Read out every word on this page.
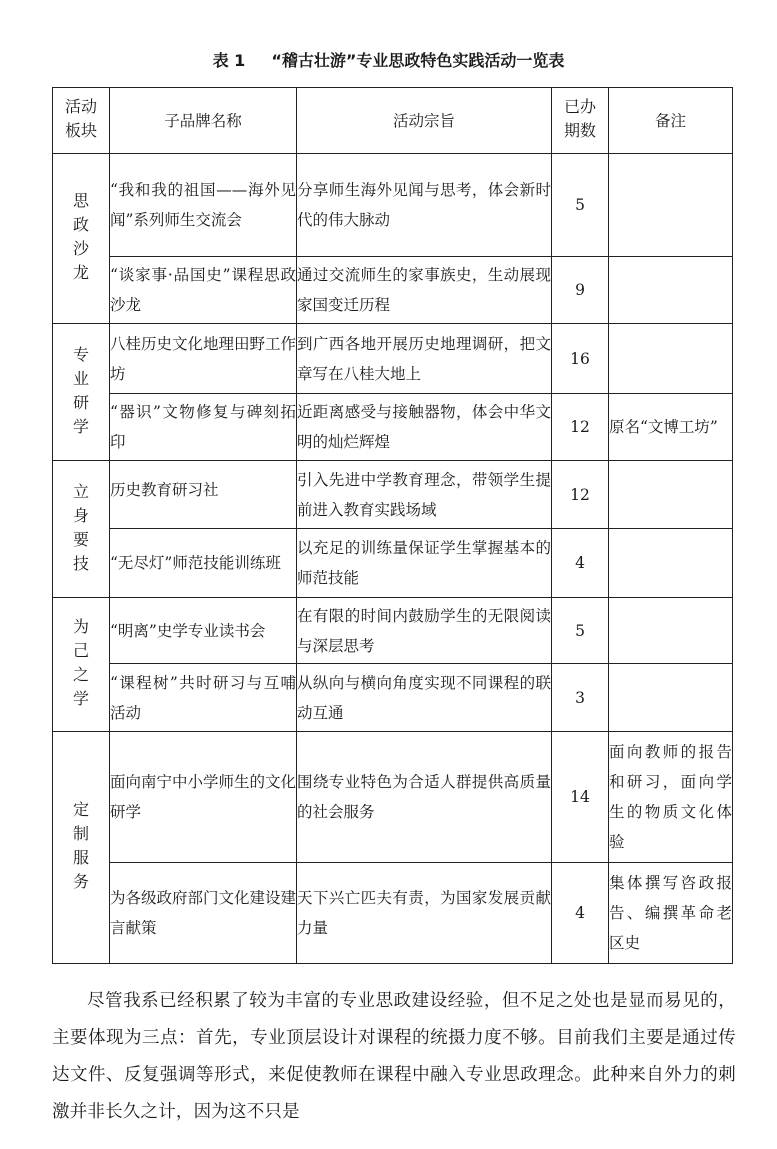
表 1 “稽古壮游”专业思政特色实践活动一览表
活动板块	子品牌名称	活动宗旨	已办期数	备注
思政沙龙	“我和我的祖国——海外见闻”系列师生交流会	分享师生海外见闻与思考，体会新时代的伟大脉动	5	
	“谈家事·品国史”课程思政沙龙	通过交流师生的家事族史，生动展现家国变迁历程	9	
专业研学	八桂历史文化地理田野工作坊	到广西各地开展历史地理调研，把文章写在八桂大地上	16	
	“器识”文物修复与碑刻拓印	近距离感受与接触器物，体会中华文明的灿烂辉煌	12	原名“文博工坊”
立身要技	历史教育研习社	引入先进中学教育理念，带领学生提前进入教育实践场域	12	
	“无尽灯”师范技能训练班	以充足的训练量保证学生掌握基本的师范技能	4	
为己之学	“明离”史学专业读书会	在有限的时间内鼓励学生的无限阅读与深层思考	5	
	“课程树”共时研习与互哺活动	从纵向与横向角度实现不同课程的联动互通	3	
定制服务	面向南宁中小学师生的文化研学	围绕专业特色为合适人群提供高质量的社会服务	14	面向教师的报告和研习，面向学生的物质文化体验
	为各级政府部门文化建设建言献策	天下兴亡匹夫有责，为国家发展贡献力量	4	集体撰写咨政报告、编撰革命老区史

尽管我系已经积累了较为丰富的专业思政建设经验，但不足之处也是显而易见的，主要体现为三点：首先，专业顶层设计对课程的统摄力度不够。目前我们主要是通过传达文件、反复强调等形式，来促使教师在课程中融入专业思政理念。此种来自外力的刺激并非长久之计，因为这不只是
